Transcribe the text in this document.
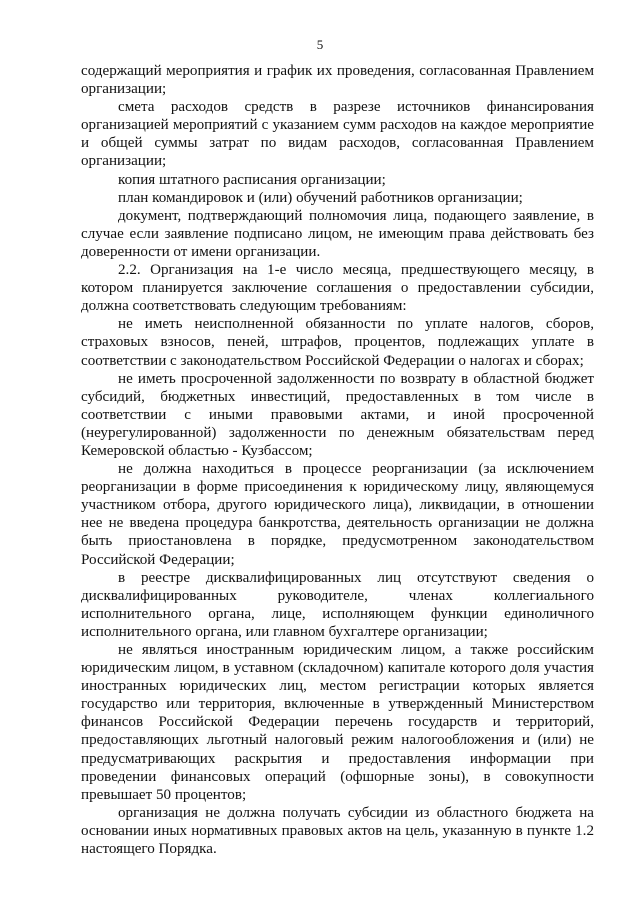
5

содержащий мероприятия и график их проведения, согласованная Правлением организации;

смета расходов средств в разрезе источников финансирования организацией мероприятий с указанием сумм расходов на каждое мероприятие и общей суммы затрат по видам расходов, согласованная Правлением организации;

копия штатного расписания организации;

план командировок и (или) обучений работников организации;

документ, подтверждающий полномочия лица, подающего заявление, в случае если заявление подписано лицом, не имеющим права действовать без доверенности от имени организации.

2.2. Организация на 1-е число месяца, предшествующего месяцу, в котором планируется заключение соглашения о предоставлении субсидии, должна соответствовать следующим требованиям:

не иметь неисполненной обязанности по уплате налогов, сборов, страховых взносов, пеней, штрафов, процентов, подлежащих уплате в соответствии с законодательством Российской Федерации о налогах и сборах;

не иметь просроченной задолженности по возврату в областной бюджет субсидий, бюджетных инвестиций, предоставленных в том числе в соответствии с иными правовыми актами, и иной просроченной (неурегулированной) задолженности по денежным обязательствам перед Кемеровской областью - Кузбассом;

не должна находиться в процессе реорганизации (за исключением реорганизации в форме присоединения к юридическому лицу, являющемуся участником отбора, другого юридического лица), ликвидации, в отношении нее не введена процедура банкротства, деятельность организации не должна быть приостановлена в порядке, предусмотренном законодательством Российской Федерации;

в реестре дисквалифицированных лиц отсутствуют сведения о дисквалифицированных руководителе, членах коллегиального исполнительного органа, лице, исполняющем функции единоличного исполнительного органа, или главном бухгалтере организации;

не являться иностранным юридическим лицом, а также российским юридическим лицом, в уставном (складочном) капитале которого доля участия иностранных юридических лиц, местом регистрации которых является государство или территория, включенные в утвержденный Министерством финансов Российской Федерации перечень государств и территорий, предоставляющих льготный налоговый режим налогообложения и (или) не предусматривающих раскрытия и предоставления информации при проведении финансовых операций (офшорные зоны), в совокупности превышает 50 процентов;

организация не должна получать субсидии из областного бюджета на основании иных нормативных правовых актов на цель, указанную в пункте 1.2 настоящего Порядка.
